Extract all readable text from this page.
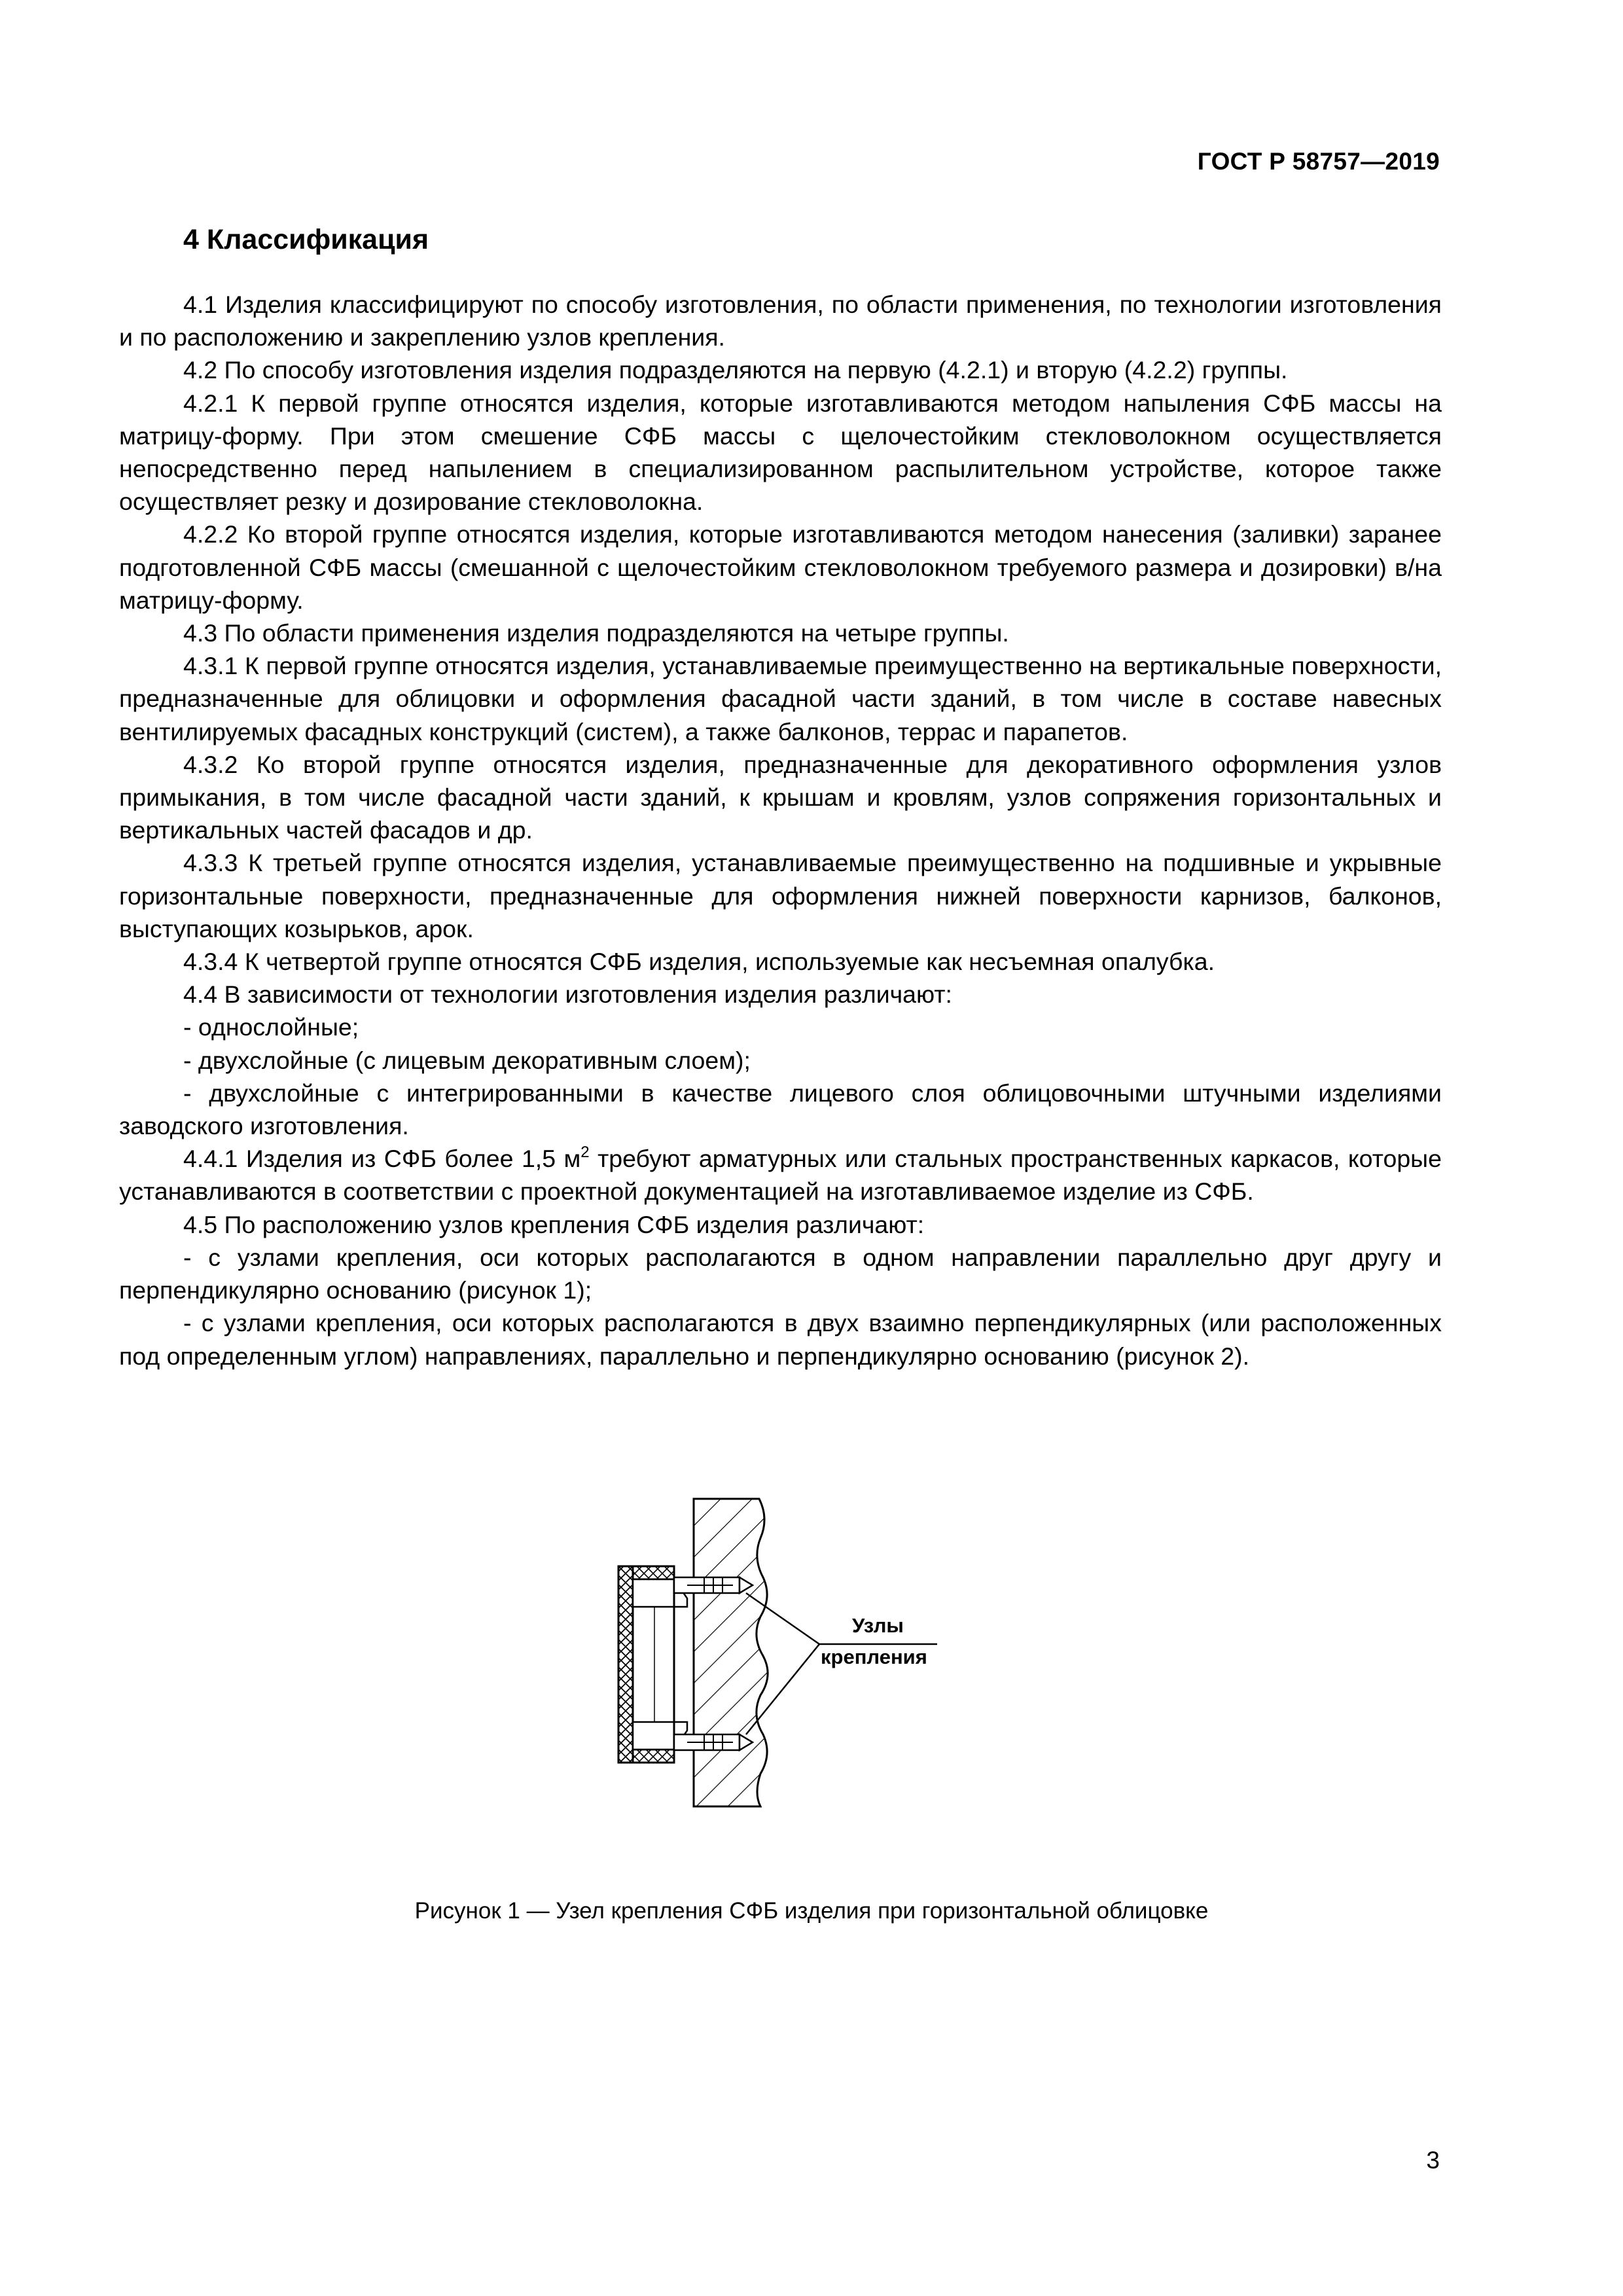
ГОСТ Р 58757—2019
4 Классификация

4.1 Изделия классифицируют по способу изготовления, по области применения, по технологии изготовления и по расположению и закреплению узлов крепления.

4.2 По способу изготовления изделия подразделяются на первую (4.2.1) и вторую (4.2.2) группы.

4.2.1 К первой группе относятся изделия, которые изготавливаются методом напыления СФБ массы на матрицу-форму. При этом смешение СФБ массы с щелочестойким стекловолокном осуществляется непосредственно перед напылением в специализированном распылительном устройстве, которое также осуществляет резку и дозирование стекловолокна.

4.2.2 Ко второй группе относятся изделия, которые изготавливаются методом нанесения (заливки) заранее подготовленной СФБ массы (смешанной с щелочестойким стекловолокном требуемого размера и дозировки) в/на матрицу-форму.

4.3 По области применения изделия подразделяются на четыре группы.

4.3.1 К первой группе относятся изделия, устанавливаемые преимущественно на вертикальные поверхности, предназначенные для облицовки и оформления фасадной части зданий, в том числе в составе навесных вентилируемых фасадных конструкций (систем), а также балконов, террас и парапетов.

4.3.2 Ко второй группе относятся изделия, предназначенные для декоративного оформления узлов примыкания, в том числе фасадной части зданий, к крышам и кровлям, узлов сопряжения горизонтальных и вертикальных частей фасадов и др.

4.3.3 К третьей группе относятся изделия, устанавливаемые преимущественно на подшивные и укрывные горизонтальные поверхности, предназначенные для оформления нижней поверхности карнизов, балконов, выступающих козырьков, арок.

4.3.4 К четвертой группе относятся СФБ изделия, используемые как несъемная опалубка.

4.4 В зависимости от технологии изготовления изделия различают:

- однослойные;

- двухслойные (с лицевым декоративным слоем);

- двухслойные с интегрированными в качестве лицевого слоя облицовочными штучными изделиями заводского изготовления.

4.4.1 Изделия из СФБ более 1,5 $м^2$ требуют арматурных или стальных пространственных каркасов, которые устанавливаются в соответствии с проектной документацией на изготавливаемое изделие из СФБ.

4.5 По расположению узлов крепления СФБ изделия различают:

- с узлами крепления, оси которых располагаются в одном направлении параллельно друг другу и перпендикулярно основанию (рисунок 1);

- с узлами крепления, оси которых располагаются в двух взаимно перпендикулярных (или расположенных под определенным углом) направлениях, параллельно и перпендикулярно основанию (рисунок 2).

Узлы
крепления
Рисунок 1 — Узел крепления СФБ изделия при горизонтальной облицовке
3
